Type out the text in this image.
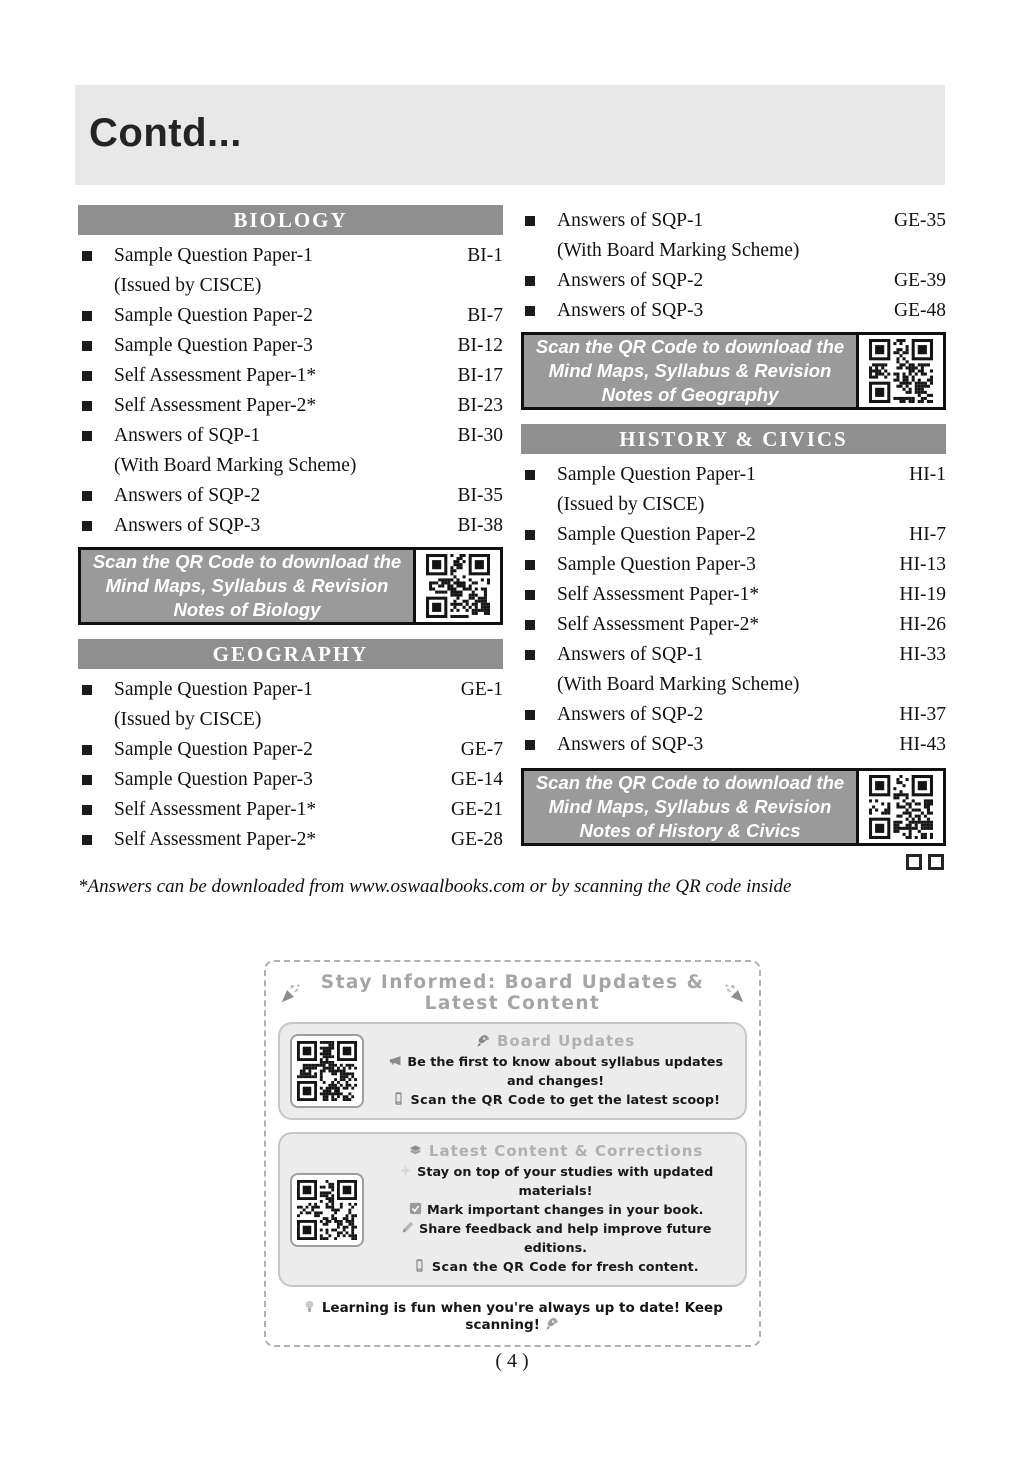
Contd...
BIOLOGY
Sample Question Paper-1	BI-1
(Issued by CISCE)
Sample Question Paper-2	BI-7
Sample Question Paper-3	BI-12
Self Assessment Paper-1*	BI-17
Self Assessment Paper-2*	BI-23
Answers of SQP-1	BI-30
(With Board Marking Scheme)
Answers of SQP-2	BI-35
Answers of SQP-3	BI-38
Scan the QR Code to download the
Mind Maps, Syllabus & Revision
Notes of Biology
GEOGRAPHY
Sample Question Paper-1	GE-1
(Issued by CISCE)
Sample Question Paper-2	GE-7
Sample Question Paper-3	GE-14
Self Assessment Paper-1*	GE-21
Self Assessment Paper-2*	GE-28
Answers of SQP-1	GE-35
(With Board Marking Scheme)
Answers of SQP-2	GE-39
Answers of SQP-3	GE-48
Scan the QR Code to download the
Mind Maps, Syllabus & Revision
Notes of Geography
HISTORY & CIVICS
Sample Question Paper-1	HI-1
(Issued by CISCE)
Sample Question Paper-2	HI-7
Sample Question Paper-3	HI-13
Self Assessment Paper-1*	HI-19
Self Assessment Paper-2*	HI-26
Answers of SQP-1	HI-33
(With Board Marking Scheme)
Answers of SQP-2	HI-37
Answers of SQP-3	HI-43
Scan the QR Code to download the
Mind Maps, Syllabus & Revision
Notes of History & Civics

*Answers can be downloaded from www.oswaalbooks.com or by scanning the QR code inside

Stay Informed: Board Updates & Latest Content
Board Updates
Be the first to know about syllabus updates and changes!
Scan the QR Code to get the latest scoop!
Latest Content & Corrections
Stay on top of your studies with updated materials!
Mark important changes in your book.
Share feedback and help improve future editions.
Scan the QR Code for fresh content.
Learning is fun when you're always up to date! Keep scanning!
( 4 )
